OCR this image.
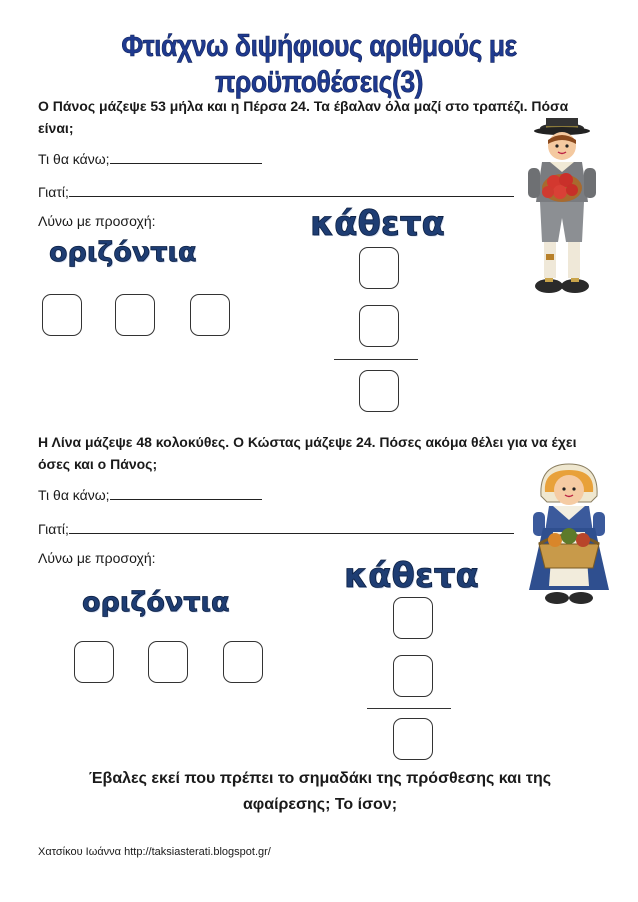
Φτιάχνω διψήφιους αριθμούς με προϋποθέσεις(3)
Ο Πάνος μάζεψε 53 μήλα και η Πέρσα 24. Τα έβαλαν όλα μαζί στο τραπέζι. Πόσα είναι;
Τι θα κάνω;
Γιατί;
Λύνω με προσοχή:
οριζόντια
κάθετα
Η Λίνα μάζεψε 48 κολοκύθες. Ο Κώστας μάζεψε 24. Πόσες ακόμα θέλει για να έχει όσες και ο Πάνος;
Τι θα κάνω;
Γιατί;
Λύνω με προσοχή:
οριζόντια
κάθετα
Έβαλες εκεί που πρέπει το σημαδάκι της πρόσθεσης και της αφαίρεσης; Το ίσον;
Χατσίκου Ιωάννα http://taksiasterati.blogspot.gr/
